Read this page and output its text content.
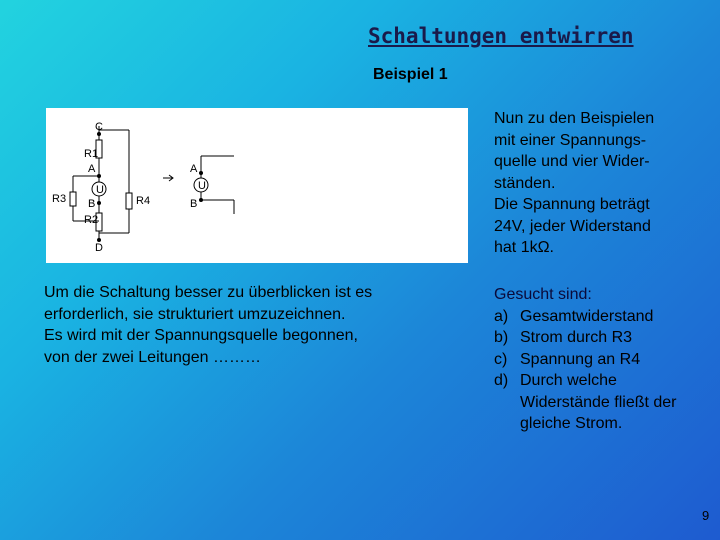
Schaltungen entwirren
Beispiel 1
C
R1
A
U
R3 B	R4
R2
D
A
U
B
Nun zu den Beispielen
mit einer Spannungs-
quelle und vier Wider-
ständen.
Die Spannung beträgt
24V, jeder Widerstand
hat 1kΩ.
Um die Schaltung besser zu überblicken ist es
erforderlich, sie strukturiert umzuzeichnen.
Es wird mit der Spannungsquelle begonnen,
von der zwei Leitungen ………
Gesucht sind:
a) Gesamtwiderstand
b) Strom durch R3
c) Spannung an R4
d) Durch welche Widerstände fließt der gleiche Strom.
9
